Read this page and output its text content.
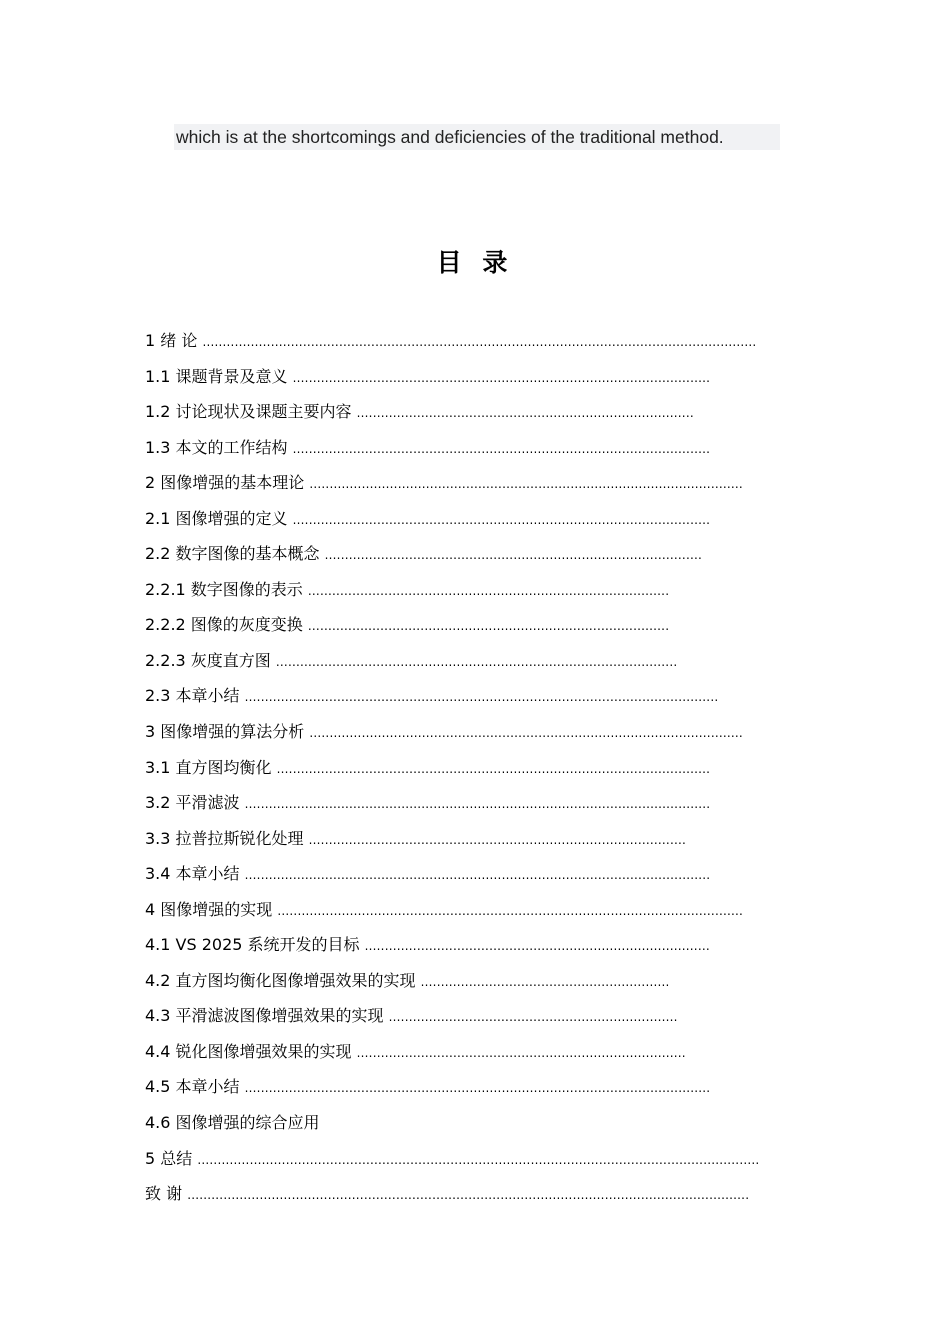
which is at the shortcomings and deficiencies of the traditional method.
目 录
1 绪 论 ..........................................................................................................................................
1.1 课题背景及意义 ........................................................................................................
1.2 讨论现状及课题主要内容 ....................................................................................
1.3 本文的工作结构 ........................................................................................................
2 图像增强的基本理论 ............................................................................................................
2.1 图像增强的定义 ........................................................................................................
2.2 数字图像的基本概念 ..............................................................................................
2.2.1 数字图像的表示 ..........................................................................................
2.2.2 图像的灰度变换 ..........................................................................................
2.2.3 灰度直方图 ....................................................................................................
2.3 本章小结 ......................................................................................................................
3 图像增强的算法分析 ............................................................................................................
3.1 直方图均衡化 ............................................................................................................
3.2 平滑滤波 ....................................................................................................................
3.3 拉普拉斯锐化处理 ..............................................................................................
3.4 本章小结 ....................................................................................................................
4 图像增强的实现 ....................................................................................................................
4.1 VS 2025 系统开发的目标 ......................................................................................
4.2 直方图均衡化图像增强效果的实现 ..............................................................
4.3 平滑滤波图像增强效果的实现 ........................................................................
4.4 锐化图像增强效果的实现 ..................................................................................
4.5 本章小结 ....................................................................................................................
4.6 图像增强的综合应用
5 总结 ............................................................................................................................................
致 谢 ............................................................................................................................................
